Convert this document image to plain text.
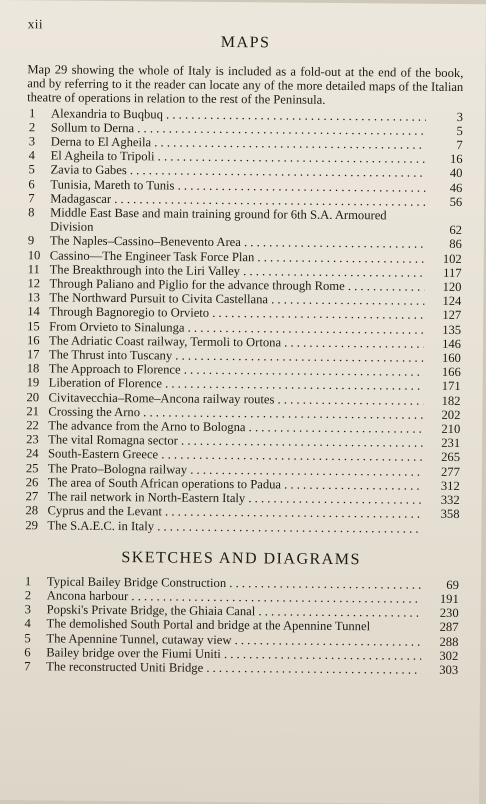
xii
MAPS

Map 29 showing the whole of Italy is included as a fold-out at the end of the book, and by referring to it the reader can locate any of the more detailed maps of the Italian theatre of operations in relation to the rest of the Peninsula.

1	Alexandria to Buqbuq . . .	3
2	Sollum to Derna . . .	5
3	Derna to El Agheila . . .	7
4	El Agheila to Tripoli . . .	16
5	Zavia to Gabes . . .	40
6	Tunisia, Mareth to Tunis . . .	46
7	Madagascar . . .	56
8	Middle East Base and main training ground for 6th S.A. Armoured Division	62
9	The Naples–Cassino–Benevento Area . . .	86
10 Cassino—The Engineer Task Force Plan . . .	102
11 The Breakthrough into the Liri Valley . . .	117
12 Through Paliano and Piglio for the advance through Rome . . .	120
13 The Northward Pursuit to Civita Castellana . . .	124
14 Through Bagnoregio to Orvieto . . .	127
15 From Orvieto to Sinalunga . . .	135
16 The Adriatic Coast railway, Termoli to Ortona . . .	146
17 The Thrust into Tuscany . . .	160
18 The Approach to Florence . . .	166
19 Liberation of Florence . . .	171
20 Civitavecchia–Rome–Ancona railway routes . . .	182
21 Crossing the Arno . . .	202
22 The advance from the Arno to Bologna . . .	210
23 The vital Romagna sector . . .	231
24 South-Eastern Greece . . .	265
25 The Prato–Bologna railway . . .	277
26 The area of South African operations to Padua . . .	312
27 The rail network in North-Eastern Italy . . .	332
28 Cyprus and the Levant . . .	358
29 The S.A.E.C. in Italy . . .
SKETCHES AND DIAGRAMS
1	Typical Bailey Bridge Construction . . .	69
2	Ancona harbour . . .	191
3	Popski's Private Bridge, the Ghiaia Canal . . .	230
4	The demolished South Portal and bridge at the Apennine Tunnel	287
5	The Apennine Tunnel, cutaway view . . .	288
6	Bailey bridge over the Fiumi Uniti . . .	302
7	The reconstructed Uniti Bridge . . .	303
